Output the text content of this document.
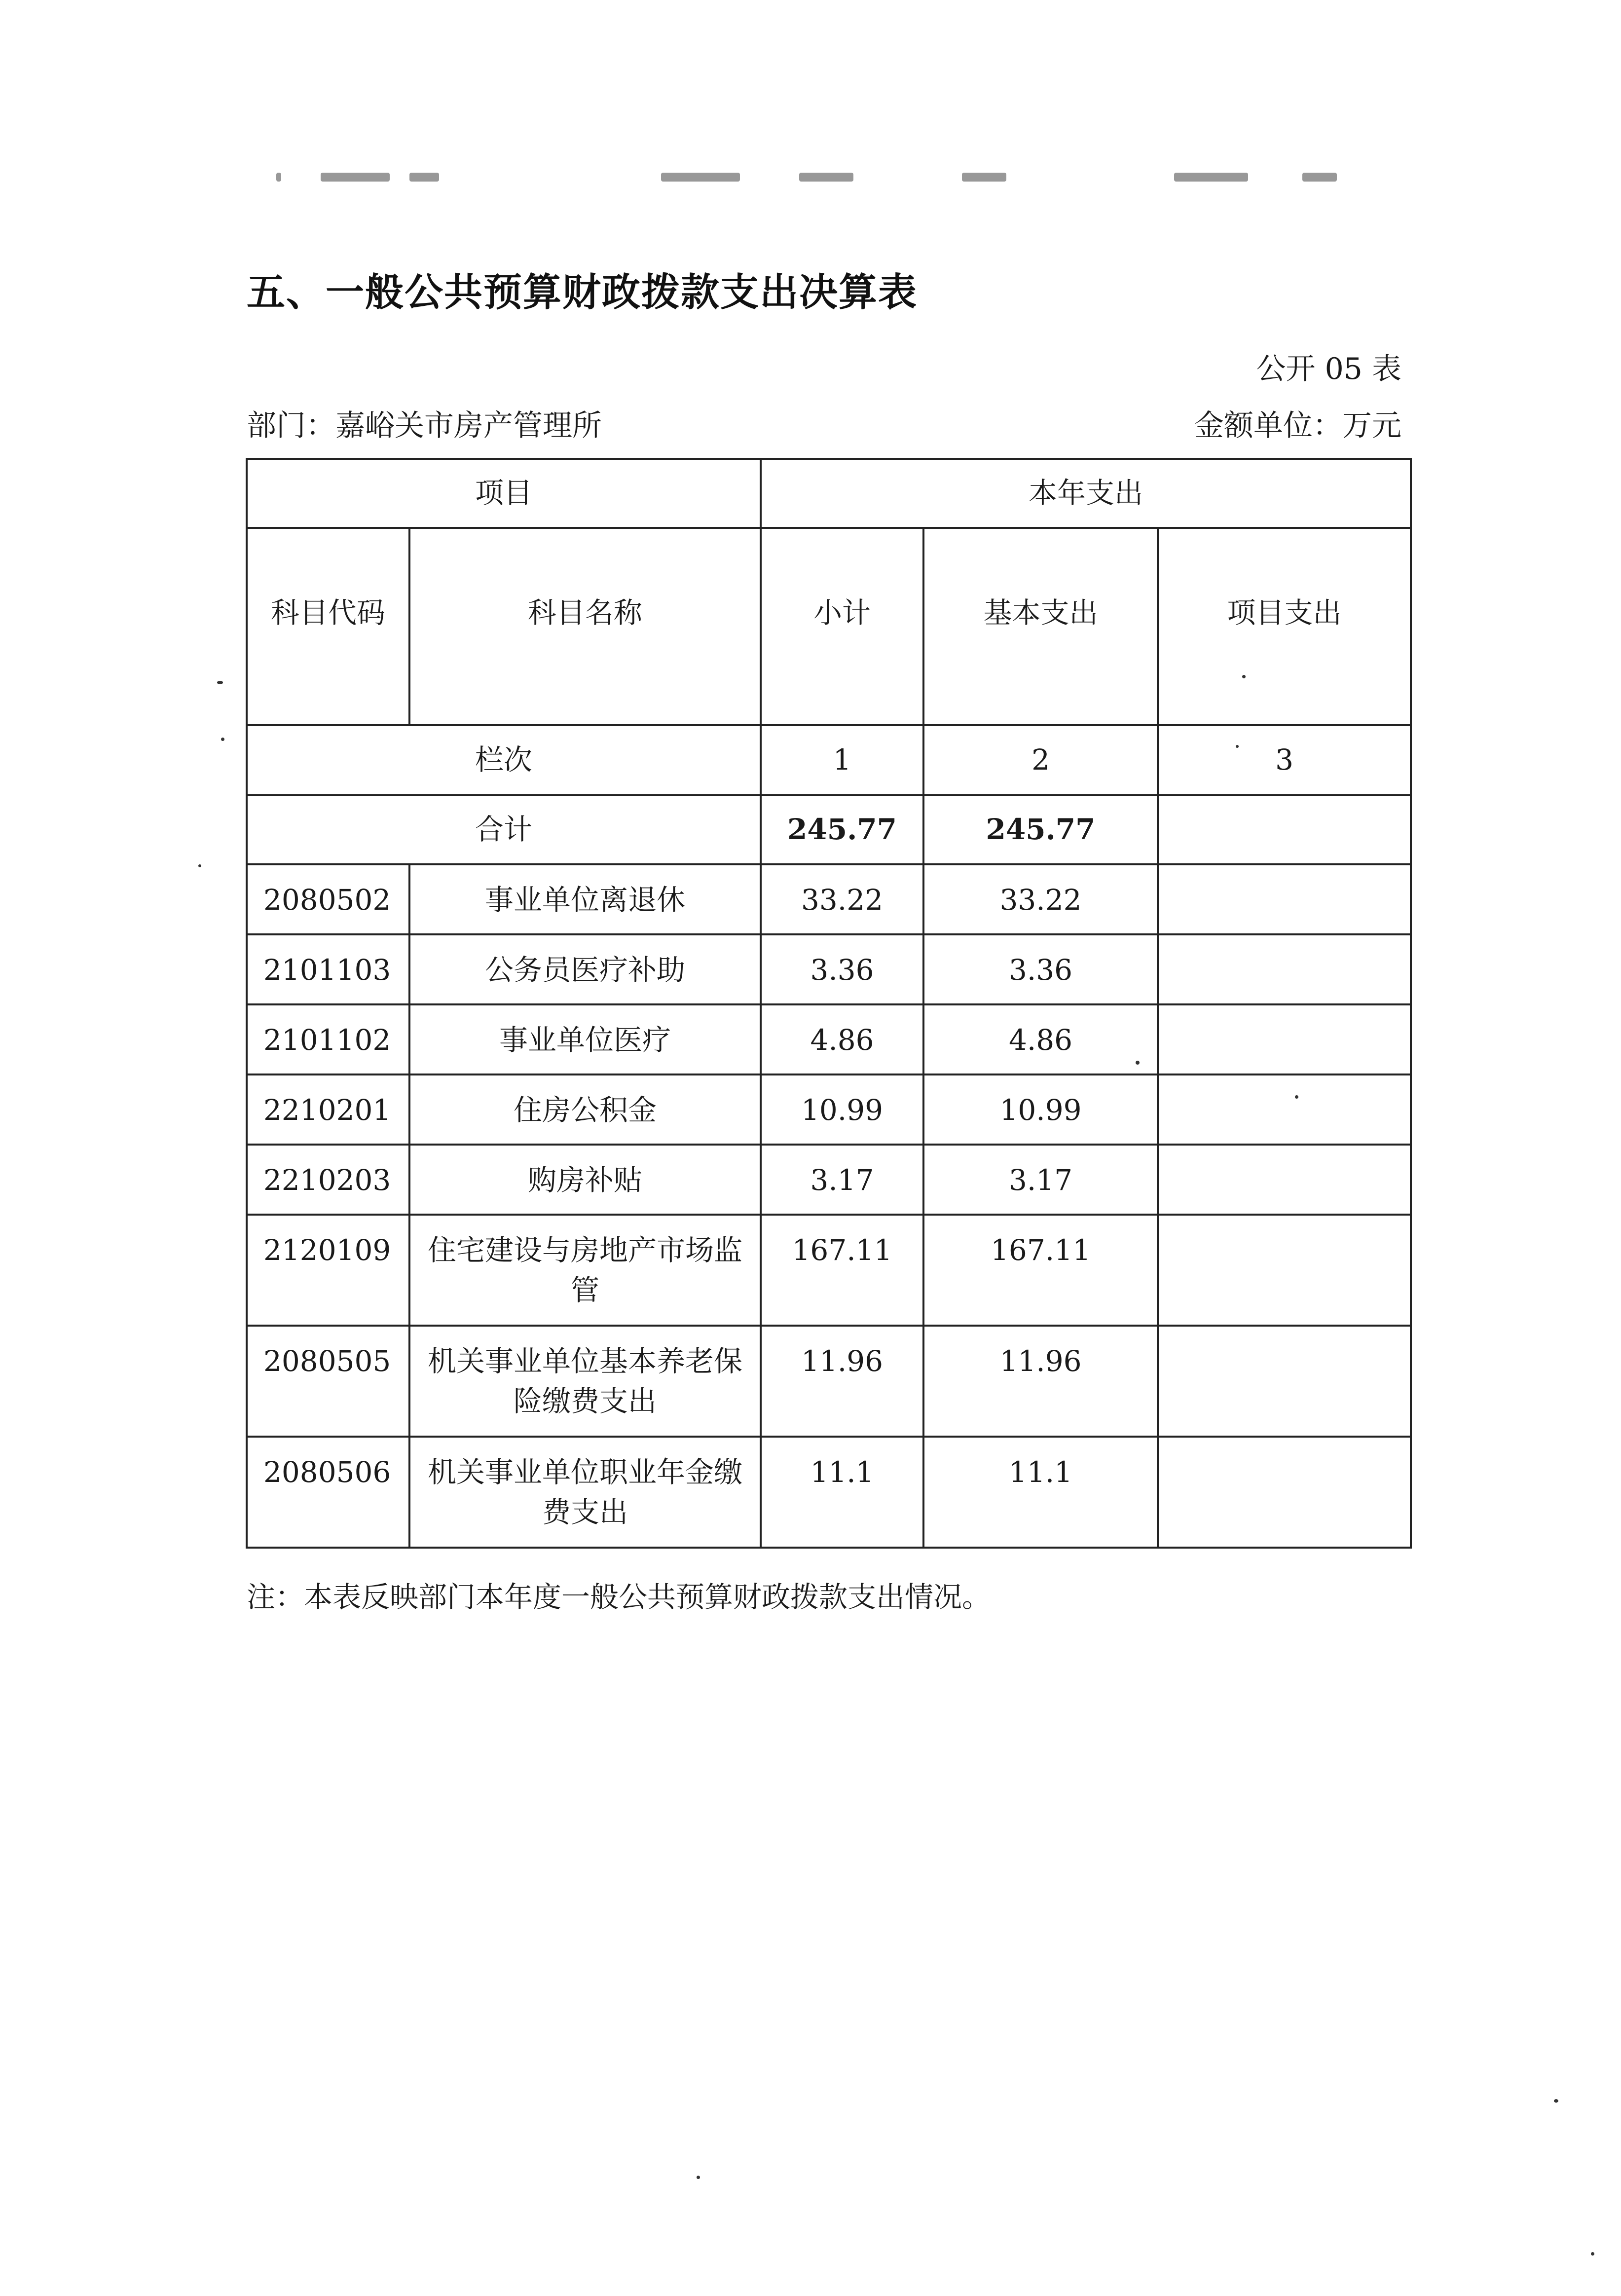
五、一般公共预算财政拨款支出决算表
公开 05 表
部门：嘉峪关市房产管理所	金额单位：万元
项目		本年支出		
科目代码	科目名称	小计	基本支出	项目支出
栏次		1	2	3
合计		245.77	245.77	
2080502	事业单位离退休	33.22	33.22	
2101103	公务员医疗补助	3.36	3.36	
2101102	事业单位医疗	4.86	4.86	
2210201	住房公积金	10.99	10.99	
2210203	购房补贴	3.17	3.17	
2120109	住宅建设与房地产市场监管	167.11	167.11	
2080505	机关事业单位基本养老保险缴费支出	11.96	11.96	
2080506	机关事业单位职业年金缴费支出	11.1	11.1	
注：本表反映部门本年度一般公共预算财政拨款支出情况。
